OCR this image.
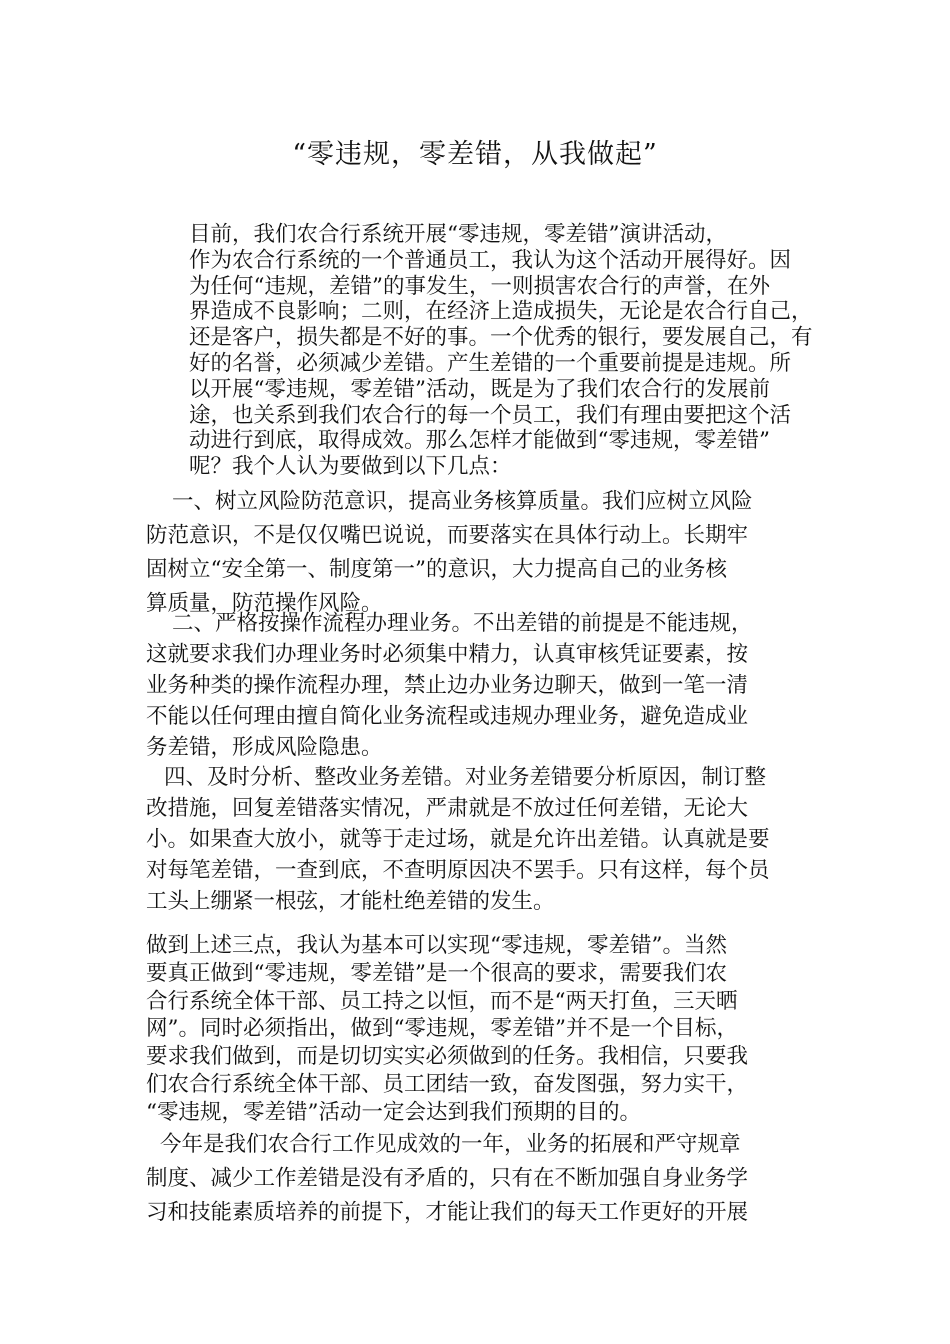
“零违规，零差错，从我做起”
目前，我们农合行系统开展“零违规，零差错”演讲活动，
作为农合行系统的一个普通员工，我认为这个活动开展得好。因
为任何“违规，差错”的事发生，一则损害农合行的声誉，在外
界造成不良影响；二则，在经济上造成损失，无论是农合行自己，
还是客户，损失都是不好的事。一个优秀的银行，要发展自己，有
好的名誉，必须减少差错。产生差错的一个重要前提是违规。所
以开展“零违规，零差错”活动，既是为了我们农合行的发展前
途，也关系到我们农合行的每一个员工，我们有理由要把这个活
动进行到底，取得成效。那么怎样才能做到“零违规，零差错”
呢？我个人认为要做到以下几点：
一、树立风险防范意识，提高业务核算质量。我们应树立风险
防范意识，不是仅仅嘴巴说说，而要落实在具体行动上。长期牢
固树立“安全第一、制度第一”的意识，大力提高自己的业务核
算质量，防范操作风险。
二、严格按操作流程办理业务。不出差错的前提是不能违规，
这就要求我们办理业务时必须集中精力，认真审核凭证要素，按
业务种类的操作流程办理，禁止边办业务边聊天，做到一笔一清
不能以任何理由擅自简化业务流程或违规办理业务，避免造成业
务差错，形成风险隐患。
四、及时分析、整改业务差错。对业务差错要分析原因，制订整
改措施，回复差错落实情况，严肃就是不放过任何差错，无论大
小。如果查大放小，就等于走过场，就是允许出差错。认真就是要
对每笔差错，一查到底，不查明原因决不罢手。只有这样，每个员
工头上绷紧一根弦，才能杜绝差错的发生。
做到上述三点，我认为基本可以实现“零违规，零差错”。当然
要真正做到“零违规，零差错”是一个很高的要求，需要我们农
合行系统全体干部、员工持之以恒，而不是“两天打鱼，三天晒
网”。同时必须指出，做到“零违规，零差错”并不是一个目标，
要求我们做到，而是切切实实必须做到的任务。我相信，只要我
们农合行系统全体干部、员工团结一致，奋发图强，努力实干，
“零违规，零差错”活动一定会达到我们预期的目的。
今年是我们农合行工作见成效的一年，业务的拓展和严守规章
制度、减少工作差错是没有矛盾的，只有在不断加强自身业务学
习和技能素质培养的前提下，才能让我们的每天工作更好的开展
